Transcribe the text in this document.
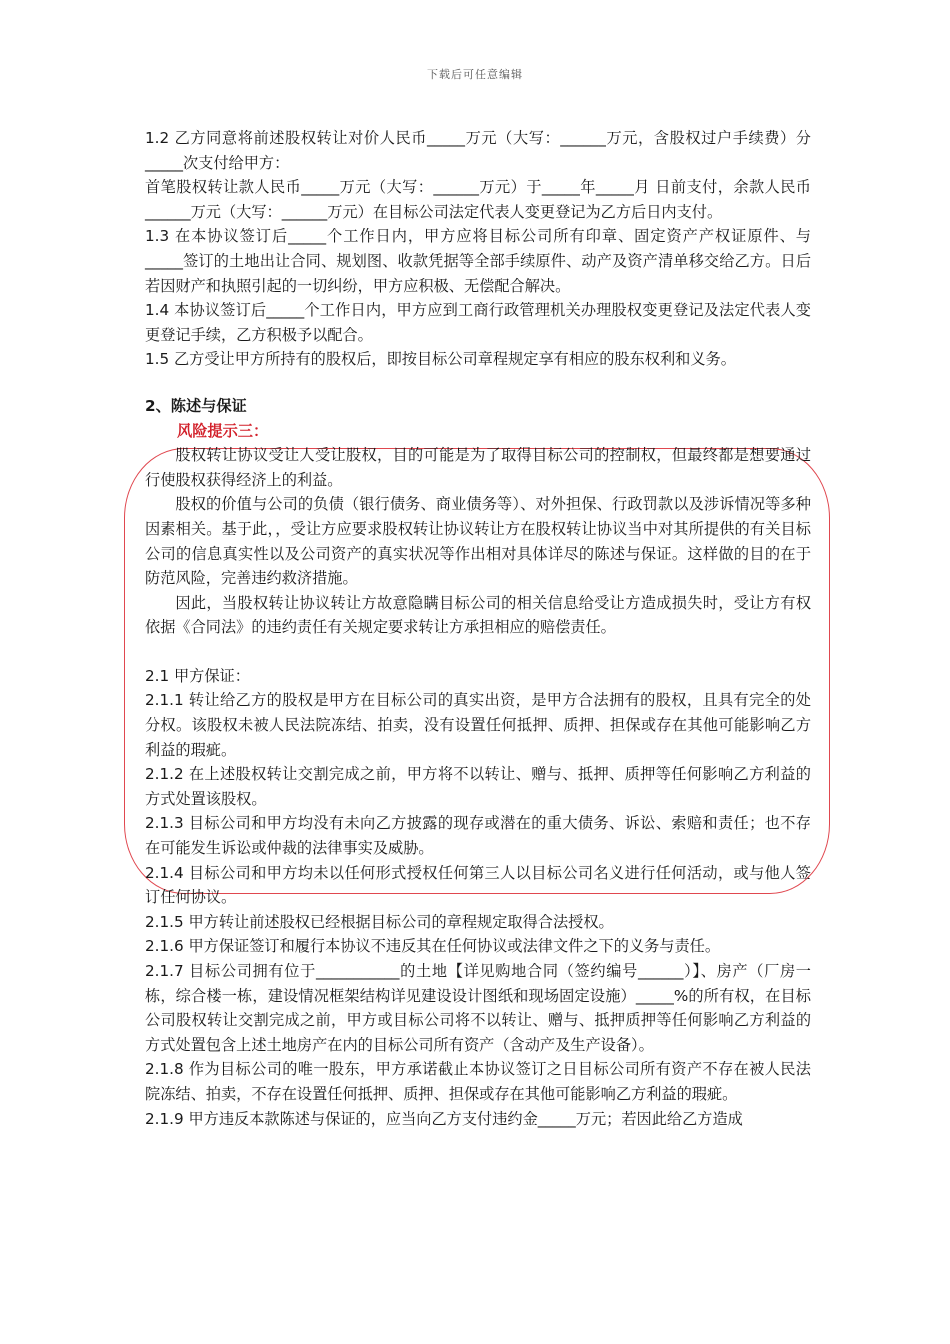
下载后可任意编辑

1.2 乙方同意将前述股权转让对价人民币_____万元（大写：______万元，含股权过户手续费）分_____次支付给甲方：

首笔股权转让款人民币_____万元（大写：______万元）于_____年_____月 日前支付，余款人民币______万元（大写：______万元）在目标公司法定代表人变更登记为乙方后日内支付。

1.3 在本协议签订后_____个工作日内，甲方应将目标公司所有印章、固定资产产权证原件、与_____签订的土地出让合同、规划图、收款凭据等全部手续原件、动产及资产清单移交给乙方。日后若因财产和执照引起的一切纠纷，甲方应积极、无偿配合解决。

1.4 本协议签订后_____个工作日内，甲方应到工商行政管理机关办理股权变更登记及法定代表人变更登记手续，乙方积极予以配合。

1.5 乙方受让甲方所持有的股权后，即按目标公司章程规定享有相应的股东权利和义务。

2、陈述与保证

风险提示三：

股权转让协议受让人受让股权，目的可能是为了取得目标公司的控制权，但最终都是想要通过行使股权获得经济上的利益。

股权的价值与公司的负债（银行债务、商业债务等）、对外担保、行政罚款以及涉诉情况等多种因素相关。基于此，，受让方应要求股权转让协议转让方在股权转让协议当中对其所提供的有关目标公司的信息真实性以及公司资产的真实状况等作出相对具体详尽的陈述与保证。这样做的目的在于防范风险，完善违约救济措施。

因此，当股权转让协议转让方故意隐瞒目标公司的相关信息给受让方造成损失时，受让方有权依据《合同法》的违约责任有关规定要求转让方承担相应的赔偿责任。

2.1 甲方保证：

2.1.1 转让给乙方的股权是甲方在目标公司的真实出资，是甲方合法拥有的股权，且具有完全的处分权。该股权未被人民法院冻结、拍卖，没有设置任何抵押、质押、担保或存在其他可能影响乙方利益的瑕疵。

2.1.2 在上述股权转让交割完成之前，甲方将不以转让、赠与、抵押、质押等任何影响乙方利益的方式处置该股权。

2.1.3 目标公司和甲方均没有未向乙方披露的现存或潜在的重大债务、诉讼、索赔和责任；也不存在可能发生诉讼或仲裁的法律事实及威胁。

2.1.4 目标公司和甲方均未以任何形式授权任何第三人以目标公司名义进行任何活动，或与他人签订任何协议。

2.1.5 甲方转让前述股权已经根据目标公司的章程规定取得合法授权。

2.1.6 甲方保证签订和履行本协议不违反其在任何协议或法律文件之下的义务与责任。

2.1.7 目标公司拥有位于___________的土地【详见购地合同（签约编号______）】、房产（厂房一栋，综合楼一栋，建设情况框架结构详见建设设计图纸和现场固定设施）_____%的所有权，在目标公司股权转让交割完成之前，甲方或目标公司将不以转让、赠与、抵押质押等任何影响乙方利益的方式处置包含上述土地房产在内的目标公司所有资产（含动产及生产设备）。

2.1.8 作为目标公司的唯一股东，甲方承诺截止本协议签订之日目标公司所有资产不存在被人民法院冻结、拍卖，不存在设置任何抵押、质押、担保或存在其他可能影响乙方利益的瑕疵。

2.1.9 甲方违反本款陈述与保证的，应当向乙方支付违约金_____万元；若因此给乙方造成
